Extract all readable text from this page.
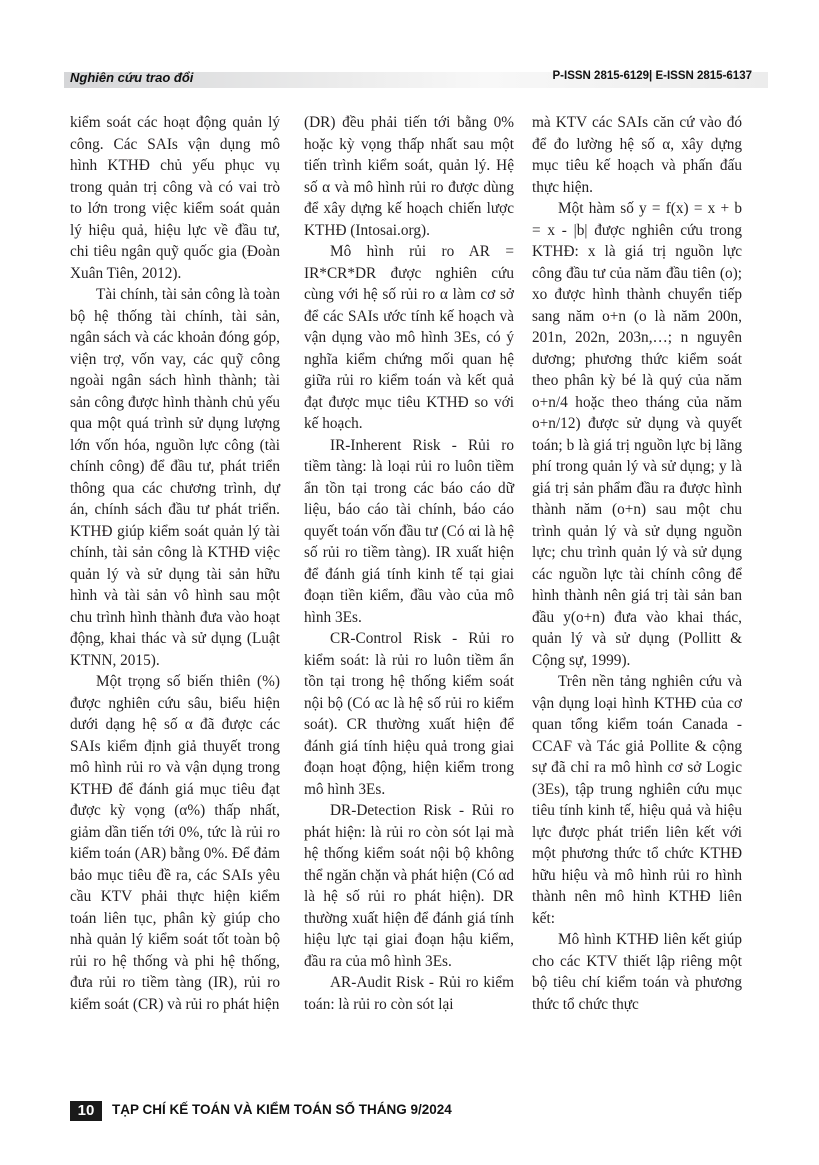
Nghiên cứu trao đổi	P-ISSN 2815-6129| E-ISSN 2815-6137

kiểm soát các hoạt động quản lý công. Các SAIs vận dụng mô hình KTHĐ chủ yếu phục vụ trong quản trị công và có vai trò to lớn trong việc kiểm soát quản lý hiệu quả, hiệu lực về đầu tư, chi tiêu ngân quỹ quốc gia (Đoàn Xuân Tiên, 2012).

Tài chính, tài sản công là toàn bộ hệ thống tài chính, tài sản, ngân sách và các khoản đóng góp, viện trợ, vốn vay, các quỹ công ngoài ngân sách hình thành; tài sản công được hình thành chủ yếu qua một quá trình sử dụng lượng lớn vốn hóa, nguồn lực công (tài chính công) để đầu tư, phát triển thông qua các chương trình, dự án, chính sách đầu tư phát triển. KTHĐ giúp kiểm soát quản lý tài chính, tài sản công là KTHĐ việc quản lý và sử dụng tài sản hữu hình và tài sản vô hình sau một chu trình hình thành đưa vào hoạt động, khai thác và sử dụng (Luật KTNN, 2015).

Một trọng số biến thiên (%) được nghiên cứu sâu, biểu hiện dưới dạng hệ số α đã được các SAIs kiểm định giả thuyết trong mô hình rủi ro và vận dụng trong KTHĐ để đánh giá mục tiêu đạt được kỳ vọng (α%) thấp nhất, giảm dần tiến tới 0%, tức là rủi ro kiểm toán (AR) bằng 0%. Để đảm bảo mục tiêu đề ra, các SAIs yêu cầu KTV phải thực hiện kiểm toán liên tục, phân kỳ giúp cho nhà quản lý kiểm soát tốt toàn bộ rủi ro hệ thống và phi hệ thống, đưa rủi ro tiềm tàng (IR), rủi ro kiểm soát (CR) và rủi ro phát hiện

(DR) đều phải tiến tới bằng 0% hoặc kỳ vọng thấp nhất sau một tiến trình kiểm soát, quản lý. Hệ số α và mô hình rủi ro được dùng để xây dựng kế hoạch chiến lược KTHĐ (Intosai.org).

Mô hình rủi ro AR = IR*CR*DR được nghiên cứu cùng với hệ số rủi ro α làm cơ sở để các SAIs ước tính kế hoạch và vận dụng vào mô hình 3Es, có ý nghĩa kiểm chứng mối quan hệ giữa rủi ro kiểm toán và kết quả đạt được mục tiêu KTHĐ so với kế hoạch.

IR-Inherent Risk - Rủi ro tiềm tàng: là loại rủi ro luôn tiềm ẩn tồn tại trong các báo cáo dữ liệu, báo cáo tài chính, báo cáo quyết toán vốn đầu tư (Có αi là hệ số rủi ro tiềm tàng). IR xuất hiện để đánh giá tính kinh tế tại giai đoạn tiền kiểm, đầu vào của mô hình 3Es.

CR-Control Risk - Rủi ro kiểm soát: là rủi ro luôn tiềm ẩn tồn tại trong hệ thống kiểm soát nội bộ (Có αc là hệ số rủi ro kiểm soát). CR thường xuất hiện để đánh giá tính hiệu quả trong giai đoạn hoạt động, hiện kiểm trong mô hình 3Es.

DR-Detection Risk - Rủi ro phát hiện: là rủi ro còn sót lại mà hệ thống kiểm soát nội bộ không thể ngăn chặn và phát hiện (Có αd là hệ số rủi ro phát hiện). DR thường xuất hiện để đánh giá tính hiệu lực tại giai đoạn hậu kiểm, đầu ra của mô hình 3Es.

AR-Audit Risk - Rủi ro kiểm toán: là rủi ro còn sót lại

mà KTV các SAIs căn cứ vào đó để đo lường hệ số α, xây dựng mục tiêu kế hoạch và phấn đấu thực hiện.

Một hàm số y = f(x) = x + b = x - |b| được nghiên cứu trong KTHĐ: x là giá trị nguồn lực công đầu tư của năm đầu tiên (o); xo được hình thành chuyển tiếp sang năm o+n (o là năm 200n, 201n, 202n, 203n,…; n nguyên dương; phương thức kiểm soát theo phân kỳ bé là quý của năm o+n/4 hoặc theo tháng của năm o+n/12) được sử dụng và quyết toán; b là giá trị nguồn lực bị lãng phí trong quản lý và sử dụng; y là giá trị sản phẩm đầu ra được hình thành năm (o+n) sau một chu trình quản lý và sử dụng nguồn lực; chu trình quản lý và sử dụng các nguồn lực tài chính công để hình thành nên giá trị tài sản ban đầu y(o+n) đưa vào khai thác, quản lý và sử dụng (Pollitt & Cộng sự, 1999).

Trên nền tảng nghiên cứu và vận dụng loại hình KTHĐ của cơ quan tổng kiểm toán Canada - CCAF và Tác giả Pollite & cộng sự đã chỉ ra mô hình cơ sở Logic (3Es), tập trung nghiên cứu mục tiêu tính kinh tế, hiệu quả và hiệu lực được phát triển liên kết với một phương thức tổ chức KTHĐ hữu hiệu và mô hình rủi ro hình thành nên mô hình KTHĐ liên kết:

Mô hình KTHĐ liên kết giúp cho các KTV thiết lập riêng một bộ tiêu chí kiểm toán và phương thức tổ chức thực

10	TẠP CHÍ KẾ TOÁN VÀ KIỂM TOÁN SỐ THÁNG 9/2024
